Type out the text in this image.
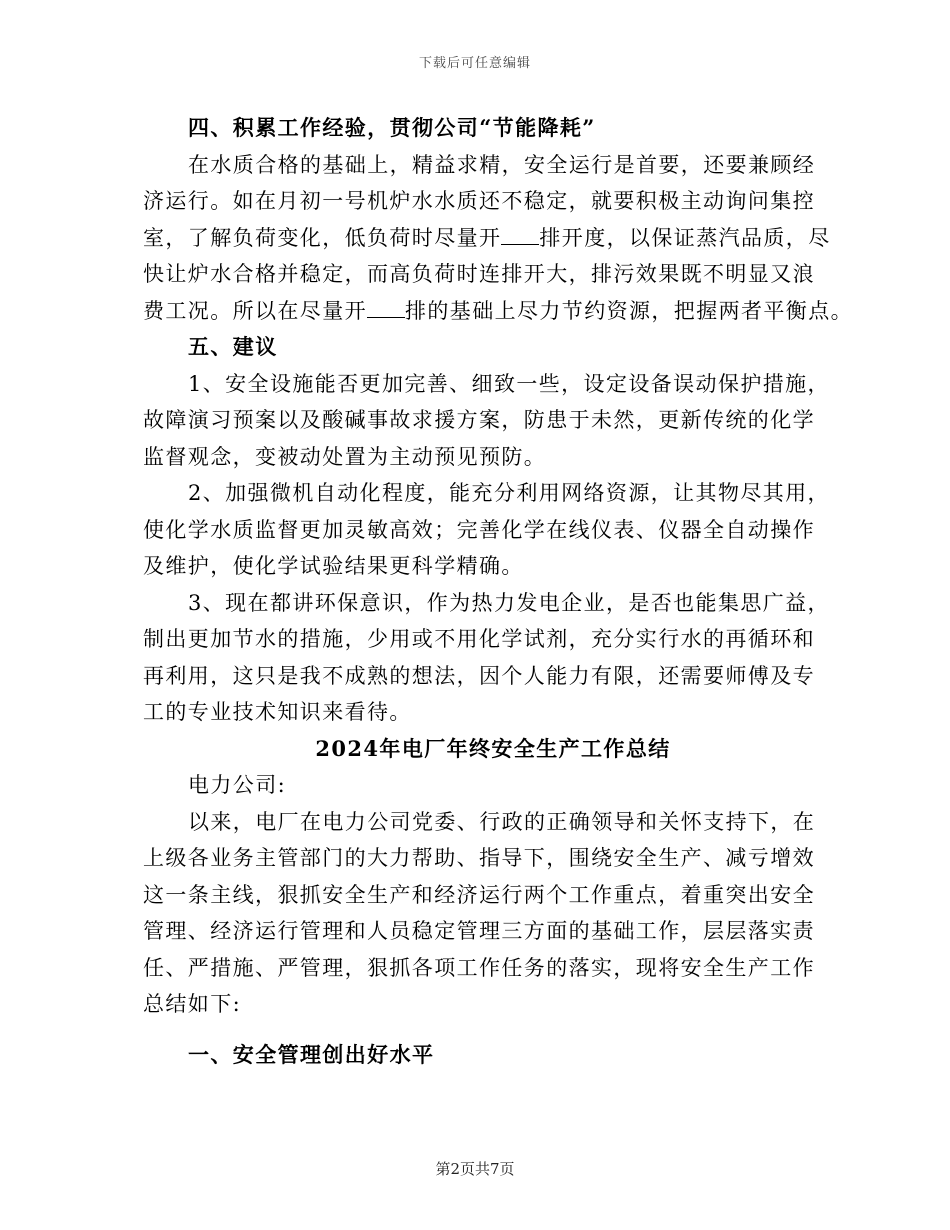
下载后可任意编辑
四、积累工作经验，贯彻公司“节能降耗”
在水质合格的基础上，精益求精，安全运行是首要，还要兼顾经
济运行。如在月初一号机炉水水质还不稳定，就要积极主动询问集控
室，了解负荷变化，低负荷时尽量开 排开度，以保证蒸汽品质，尽
快让炉水合格并稳定，而高负荷时连排开大，排污效果既不明显又浪
费工况。所以在尽量开 排的基础上尽力节约资源，把握两者平衡点。
五、建议
1、安全设施能否更加完善、细致一些，设定设备误动保护措施，
故障演习预案以及酸碱事故求援方案，防患于未然，更新传统的化学
监督观念，变被动处置为主动预见预防。
2、加强微机自动化程度，能充分利用网络资源，让其物尽其用，
使化学水质监督更加灵敏高效；完善化学在线仪表、仪器全自动操作
及维护，使化学试验结果更科学精确。
3、现在都讲环保意识，作为热力发电企业，是否也能集思广益，
制出更加节水的措施，少用或不用化学试剂，充分实行水的再循环和
再利用，这只是我不成熟的想法，因个人能力有限，还需要师傅及专
工的专业技术知识来看待。
2024年电厂年终安全生产工作总结
电力公司:
以来，电厂在电力公司党委、行政的正确领导和关怀支持下，在
上级各业务主管部门的大力帮助、指导下，围绕安全生产、减亏增效
这一条主线，狠抓安全生产和经济运行两个工作重点，着重突出安全
管理、经济运行管理和人员稳定管理三方面的基础工作，层层落实责
任、严措施、严管理，狠抓各项工作任务的落实，现将安全生产工作
总结如下:
一、安全管理创出好水平
第2页共7页
